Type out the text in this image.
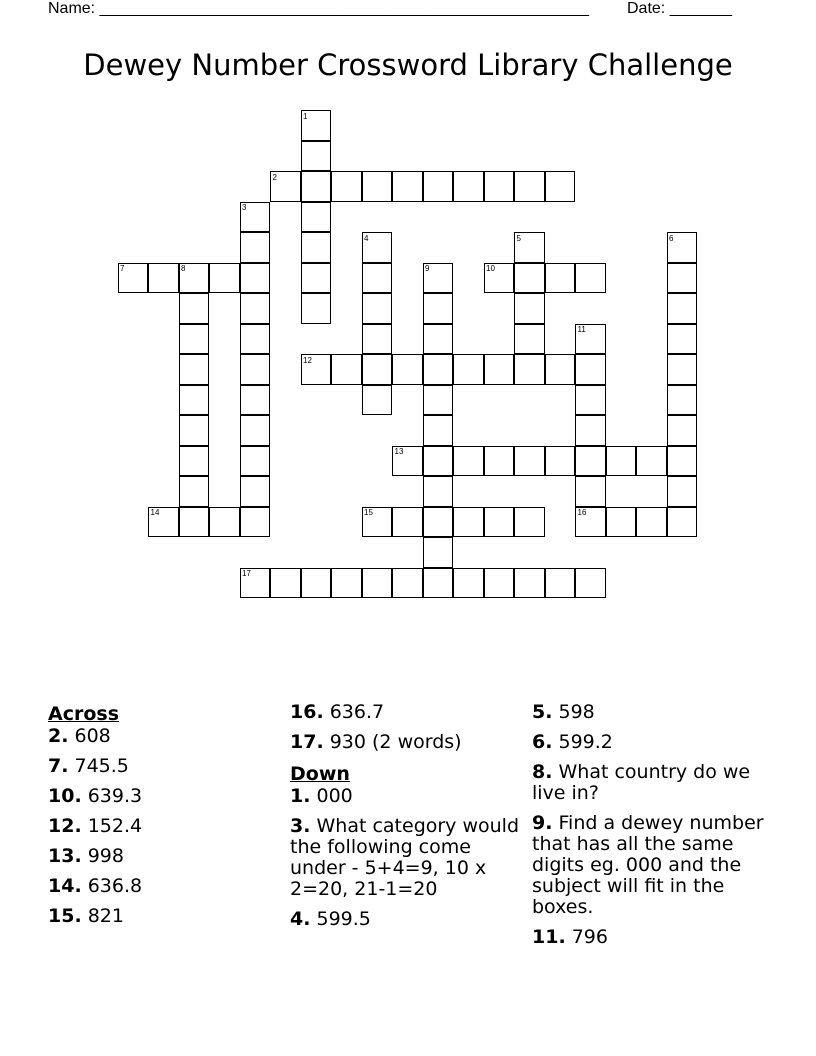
Name: _______________________________________________________ Date: _______
Dewey Number Crossword Library Challenge
1
2
3
4	5	6
7	8	9	10
11
12
13
14	15	16
17
Across
2. 608
7. 745.5
10. 639.3
12. 152.4
13. 998
14. 636.8
15. 821
16. 636.7
17. 930 (2 words)
Down
1. 000
3. What category would the following come under - 5+4=9, 10 x 2=20, 21-1=20
4. 599.5
5. 598
6. 599.2
8. What country do we live in?
9. Find a dewey number that has all the same digits eg. 000 and the subject will fit in the boxes.
11. 796
